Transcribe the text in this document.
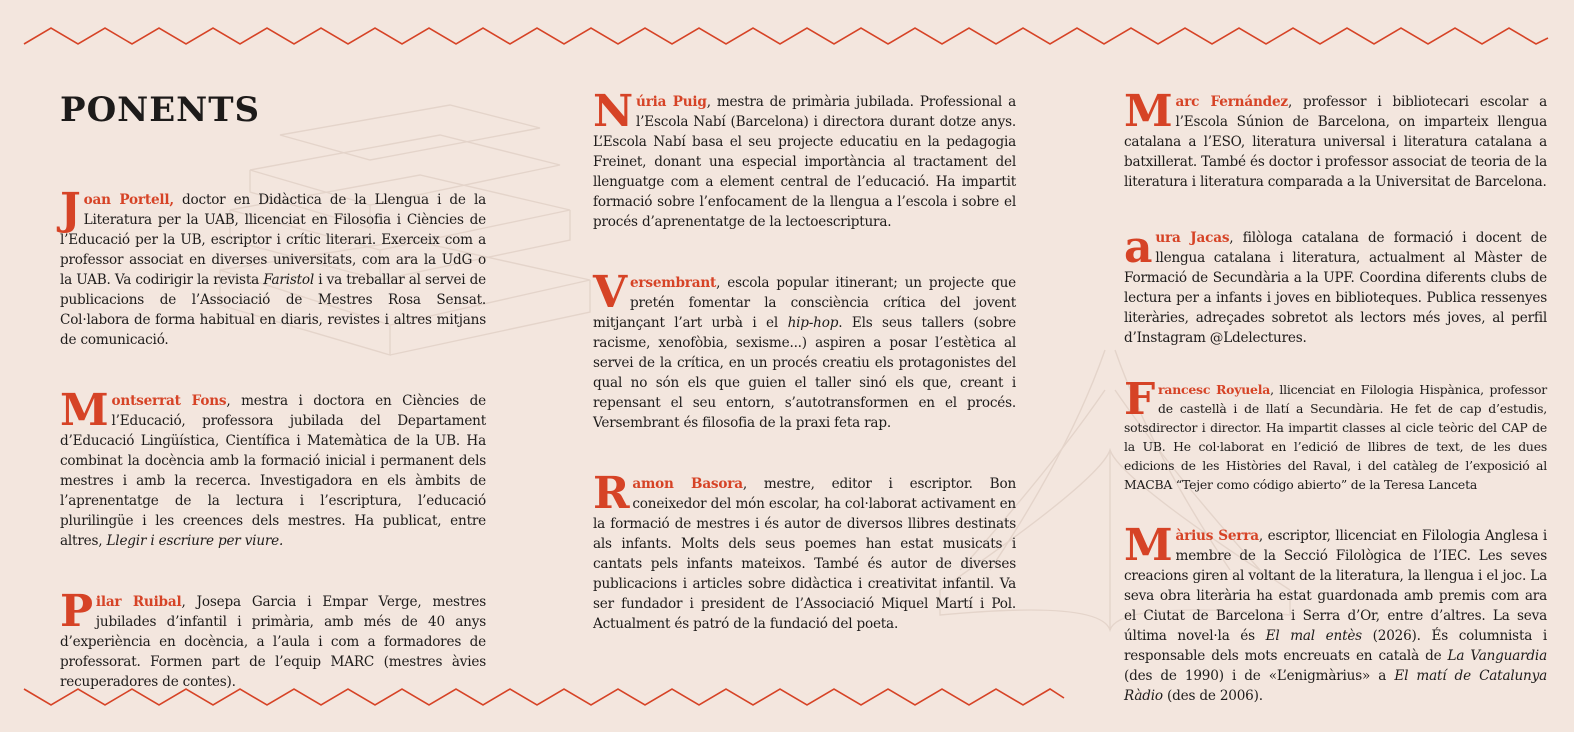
PONENTS

Joan Portell, doctor en Didàctica de la Llengua i de la Literatura per la UAB, llicenciat en Filosofia i Ciències de l’Educació per la UB, escriptor i crític literari. Exerceix com a professor associat en diverses universitats, com ara la UdG o la UAB. Va codirigir la revista Faristol i va treballar al servei de publicacions de l’Associació de Mestres Rosa Sensat. Col·labora de forma habitual en diaris, revistes i altres mitjans de comunicació.

Montserrat Fons, mestra i doctora en Ciències de l’Educació, professora jubilada del Departament d’Educació Lingüística, Científica i Matemàtica de la UB. Ha combinat la docència amb la formació inicial i permanent dels mestres i amb la recerca. Investigadora en els àmbits de l’aprenentatge de la lectura i l’escriptura, l’educació plurilingüe i les creences dels mestres. Ha publicat, entre altres, Llegir i escriure per viure.

Pilar Ruibal, Josepa Garcia i Empar Verge, mestres jubilades d’infantil i primària, amb més de 40 anys d’experiència en docència, a l’aula i com a formadores de professorat. Formen part de l’equip MARC (mestres àvies recuperadores de contes).

Núria Puig, mestra de primària jubilada. Professional a l’Escola Nabí (Barcelona) i directora durant dotze anys. L’Escola Nabí basa el seu projecte educatiu en la pedagogia Freinet, donant una especial importància al tractament del llenguatge com a element central de l’educació. Ha impartit formació sobre l’enfocament de la llengua a l’escola i sobre el procés d’aprenentatge de la lectoescriptura.

Versembrant, escola popular itinerant; un projecte que pretén fomentar la consciència crítica del jovent mitjançant l’art urbà i el hip-hop. Els seus tallers (sobre racisme, xenofòbia, sexisme...) aspiren a posar l’estètica al servei de la crítica, en un procés creatiu els protagonistes del qual no són els que guien el taller sinó els que, creant i repensant el seu entorn, s’autotransformen en el procés. Versembrant és filosofia de la praxi feta rap.

Ramon Basora, mestre, editor i escriptor. Bon coneixedor del món escolar, ha col·laborat activament en la formació de mestres i és autor de diversos llibres destinats als infants. Molts dels seus poemes han estat musicats i cantats pels infants mateixos. També és autor de diverses publicacions i articles sobre didàctica i creativitat infantil. Va ser fundador i president de l’Associació Miquel Martí i Pol. Actualment és patró de la fundació del poeta.

Marc Fernández, professor i bibliotecari escolar a l’Escola Súnion de Barcelona, on imparteix llengua catalana a l’ESO, literatura universal i literatura catalana a batxillerat. També és doctor i professor associat de teoria de la literatura i literatura comparada a la Universitat de Barcelona.

aura Jacas, filòloga catalana de formació i docent de llengua catalana i literatura, actualment al Màster de Formació de Secundària a la UPF. Coordina diferents clubs de lectura per a infants i joves en biblioteques. Publica ressenyes literàries, adreçades sobretot als lectors més joves, al perfil d’Instagram @Ldelectures.

Francesc Royuela, llicenciat en Filologia Hispànica, professor de castellà i de llatí a Secundària. He fet de cap d’estudis, sotsdirector i director. Ha impartit classes al cicle teòric del CAP de la UB. He col·laborat en l’edició de llibres de text, de les dues edicions de les Històries del Raval, i del catàleg de l’exposició al MACBA “Tejer como código abierto” de la Teresa Lanceta

Màrius Serra, escriptor, llicenciat en Filologia Anglesa i membre de la Secció Filològica de l’IEC. Les seves creacions giren al voltant de la literatura, la llengua i el joc. La seva obra literària ha estat guardonada amb premis com ara el Ciutat de Barcelona i Serra d’Or, entre d’altres. La seva última novel·la és El mal entès (2026). És columnista i responsable dels mots encreuats en català de La Vanguardia (des de 1990) i de «L’enigmàrius» a El matí de Catalunya Ràdio (des de 2006).
